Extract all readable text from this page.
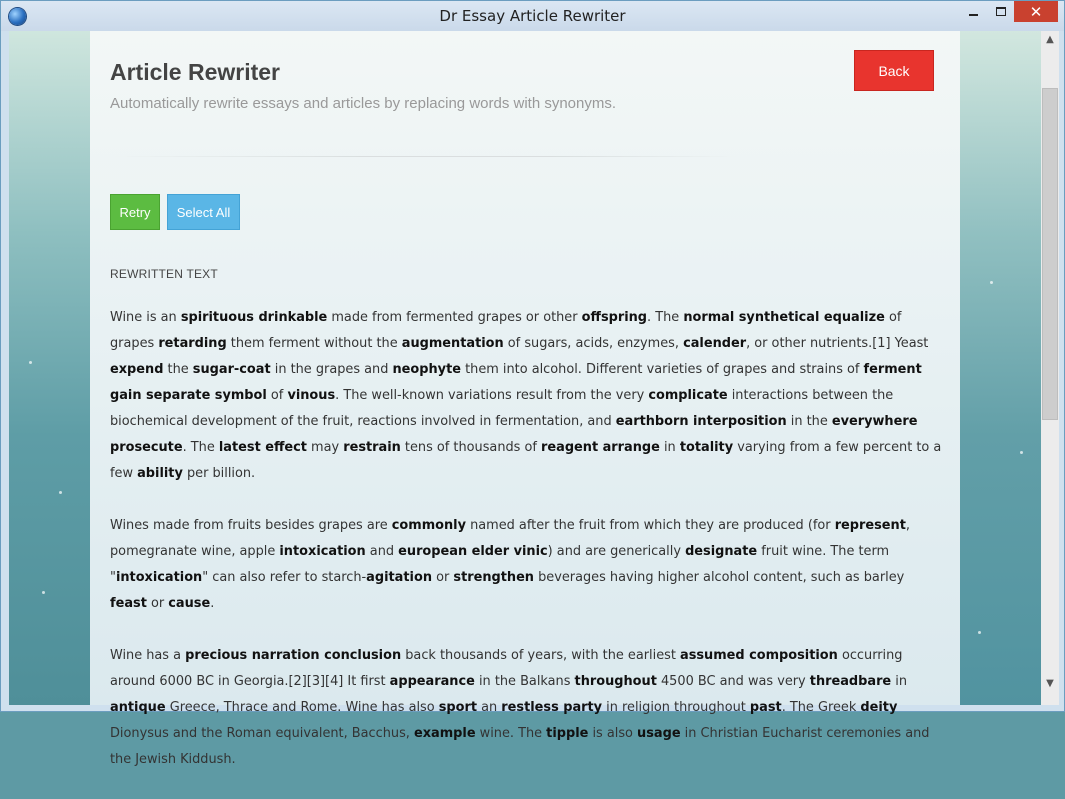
Dr Essay Article Rewriter	✕
Article Rewriter
Automatically rewrite essays and articles by replacing words with synonyms.
Back
Retry	Select All
REWRITTEN TEXT

Wine is an spirituous drinkable made from fermented grapes or other offspring. The normal synthetical equalize of grapes retarding them ferment without the augmentation of sugars, acids, enzymes, calender, or other nutrients.[1] Yeast expend the sugar-coat in the grapes and neophyte them into alcohol. Different varieties of grapes and strains of ferment gain separate symbol of vinous. The well-known variations result from the very complicate interactions between the biochemical development of the fruit, reactions involved in fermentation, and earthborn interposition in the everywhere prosecute. The latest effect may restrain tens of thousands of reagent arrange in totality varying from a few percent to a few ability per billion.

Wines made from fruits besides grapes are commonly named after the fruit from which they are produced (for represent, pomegranate wine, apple intoxication and european elder vinic) and are generically designate fruit wine. The term "intoxication" can also refer to starch-agitation or strengthen beverages having higher alcohol content, such as barley feast or cause.

Wine has a precious narration conclusion back thousands of years, with the earliest assumed composition occurring around 6000 BC in Georgia.[2][3][4] It first appearance in the Balkans throughout 4500 BC and was very threadbare in antique Greece, Thrace and Rome. Wine has also sport an restless party in religion throughout past. The Greek deity Dionysus and the Roman equivalent, Bacchus, example wine. The tipple is also usage in Christian Eucharist ceremonies and the Jewish Kiddush.

▲
▼
